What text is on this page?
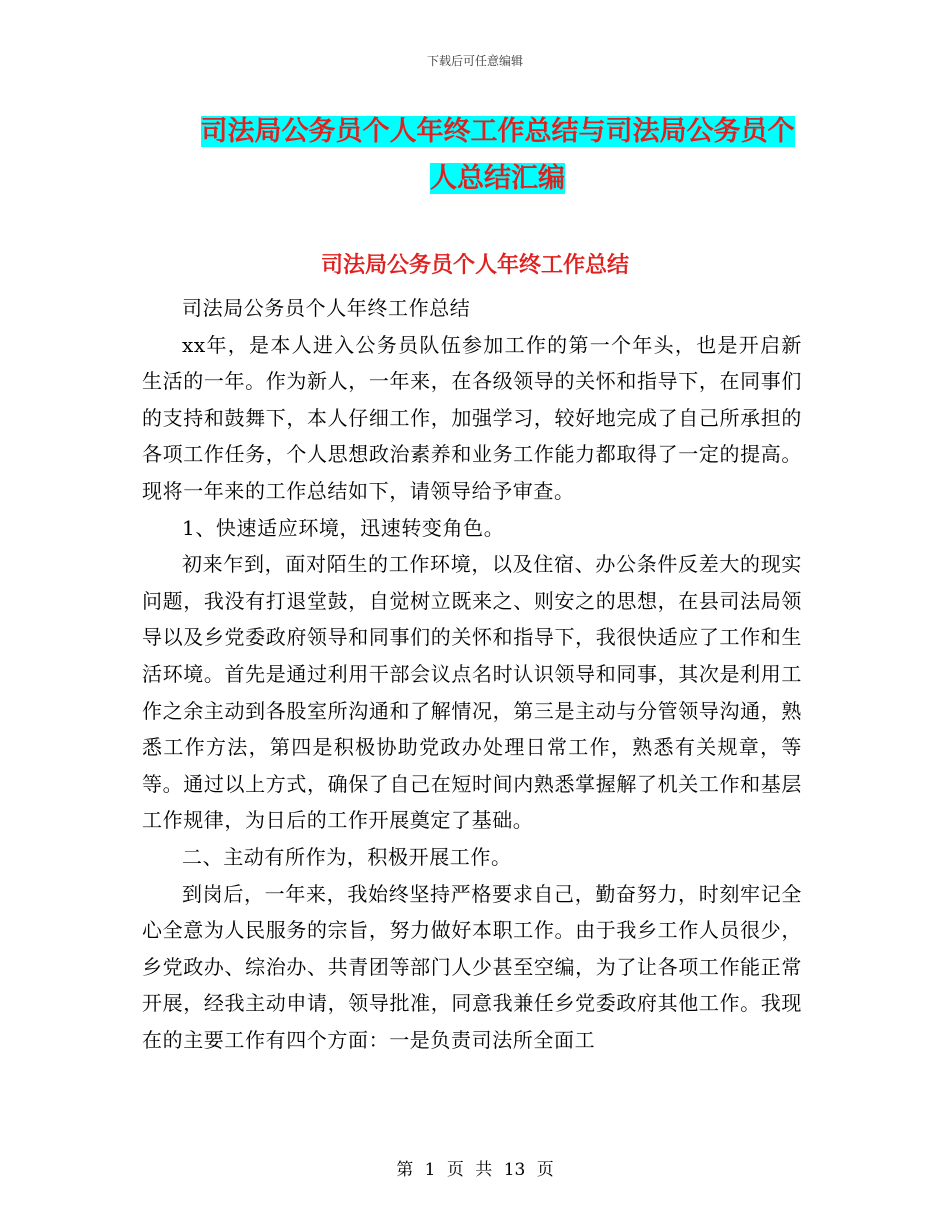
下载后可任意编辑
司法局公务员个人年终工作总结与司法局公务员个人总结汇编
司法局公务员个人年终工作总结

司法局公务员个人年终工作总结

xx年，是本人进入公务员队伍参加工作的第一个年头，也是开启新生活的一年。作为新人，一年来，在各级领导的关怀和指导下，在同事们的支持和鼓舞下，本人仔细工作，加强学习，较好地完成了自己所承担的各项工作任务，个人思想政治素养和业务工作能力都取得了一定的提高。现将一年来的工作总结如下，请领导给予审查。

1、快速适应环境，迅速转变角色。

初来乍到，面对陌生的工作环境，以及住宿、办公条件反差大的现实问题，我没有打退堂鼓，自觉树立既来之、则安之的思想，在县司法局领导以及乡党委政府领导和同事们的关怀和指导下，我很快适应了工作和生活环境。首先是通过利用干部会议点名时认识领导和同事，其次是利用工作之余主动到各股室所沟通和了解情况，第三是主动与分管领导沟通，熟悉工作方法，第四是积极协助党政办处理日常工作，熟悉有关规章，等等。通过以上方式，确保了自己在短时间内熟悉掌握解了机关工作和基层工作规律，为日后的工作开展奠定了基础。

二、主动有所作为，积极开展工作。

到岗后，一年来，我始终坚持严格要求自己，勤奋努力，时刻牢记全心全意为人民服务的宗旨，努力做好本职工作。由于我乡工作人员很少，乡党政办、综治办、共青团等部门人少甚至空编，为了让各项工作能正常开展，经我主动申请，领导批准，同意我兼任乡党委政府其他工作。我现在的主要工作有四个方面：一是负责司法所全面工

第 1 页 共 13 页
